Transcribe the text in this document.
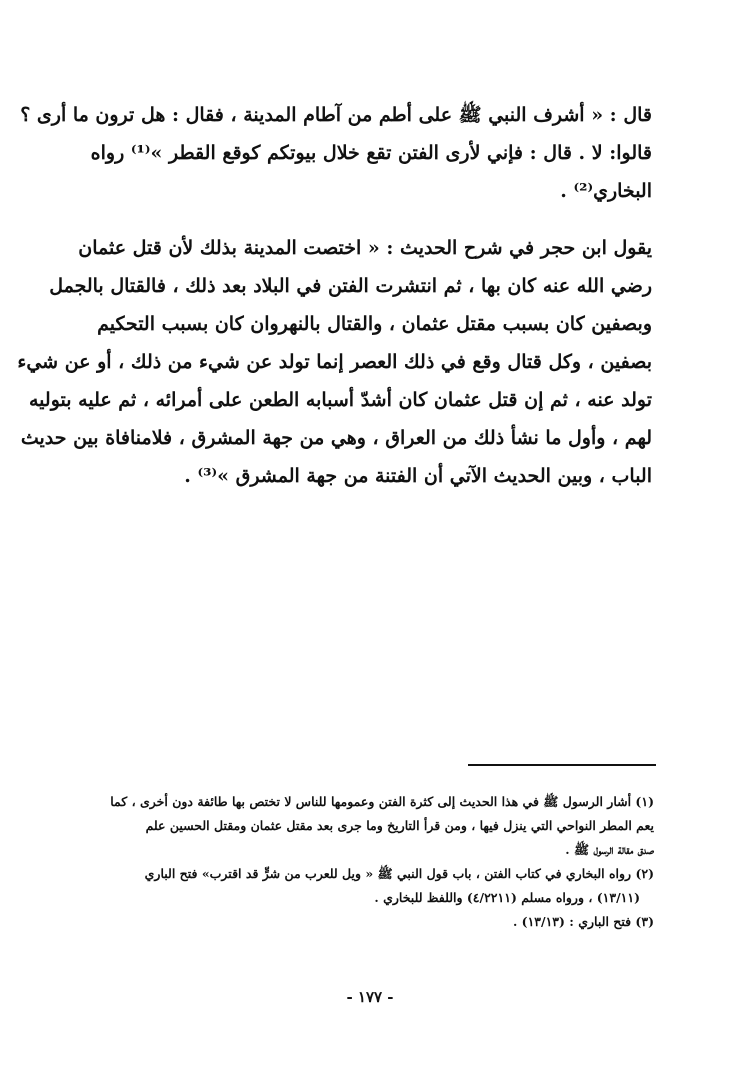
قال : « أشرف النبي ﷺ على أطم من آطام المدينة ، فقال : هل ترون ما أرى ؟
قالوا: لا . قال : فإني لأرى الفتن تقع خلال بيوتكم كوقع القطر »⁽¹⁾ رواه
البخاري⁽²⁾ .
يقول ابن حجر في شرح الحديث : « اختصت المدينة بذلك لأن قتل عثمان
رضي الله عنه كان بها ، ثم انتشرت الفتن في البلاد بعد ذلك ، فالقتال بالجمل
وبصفين كان بسبب مقتل عثمان ، والقتال بالنهروان كان بسبب التحكيم
بصفين ، وكل قتال وقع في ذلك العصر إنما تولد عن شيء من ذلك ، أو عن شيء
تولد عنه ، ثم إن قتل عثمان كان أشدّ أسبابه الطعن على أمرائه ، ثم عليه بتوليه
لهم ، وأول ما نشأ ذلك من العراق ، وهي من جهة المشرق ، فلامنافاة بين حديث
الباب ، وبين الحديث الآتي أن الفتنة من جهة المشرق »⁽³⁾ .
(١) أشار الرسول ﷺ في هذا الحديث إلى كثرة الفتن وعمومها للناس لا تختص بها طائفة دون أخرى ، كما
يعم المطر النواحي التي ينزل فيها ، ومن قرأ التاريخ وما جرى بعد مقتل عثمان ومقتل الحسين علم
صدق مقالة الرسول ﷺ .
(٢) رواه البخاري في كتاب الفتن ، باب قول النبي ﷺ « ويل للعرب من شرٍّ قد اقترب» فتح الباري
(١٣/١١) ، ورواه مسلم (٤/٢٢١١) واللفظ للبخاري .
(٣) فتح الباري : (١٣/١٣) .
- ١٧٧ -
